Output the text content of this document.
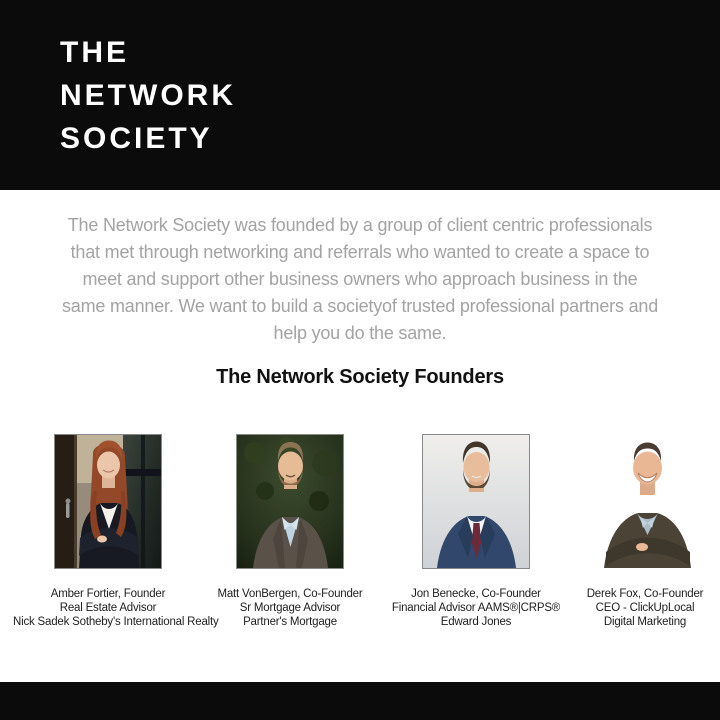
THE
NETWORK
SOCIETY
The Network Society was founded by a group of client centric professionals
that met through networking and referrals who wanted to create a space to
meet and support other business owners who approach business in the
same manner. We want to build a societyof trusted professional partners and
help you do the same.
The Network Society Founders
Amber Fortier, Founder
Real Estate Advisor
Nick Sadek Sotheby's International Realty
Matt VonBergen, Co-Founder
Sr Mortgage Advisor
Partner's Mortgage
Jon Benecke, Co-Founder
Financial Advisor AAMS®|CRPS®
Edward Jones
Derek Fox, Co-Founder
CEO - ClickUpLocal
Digital Marketing
